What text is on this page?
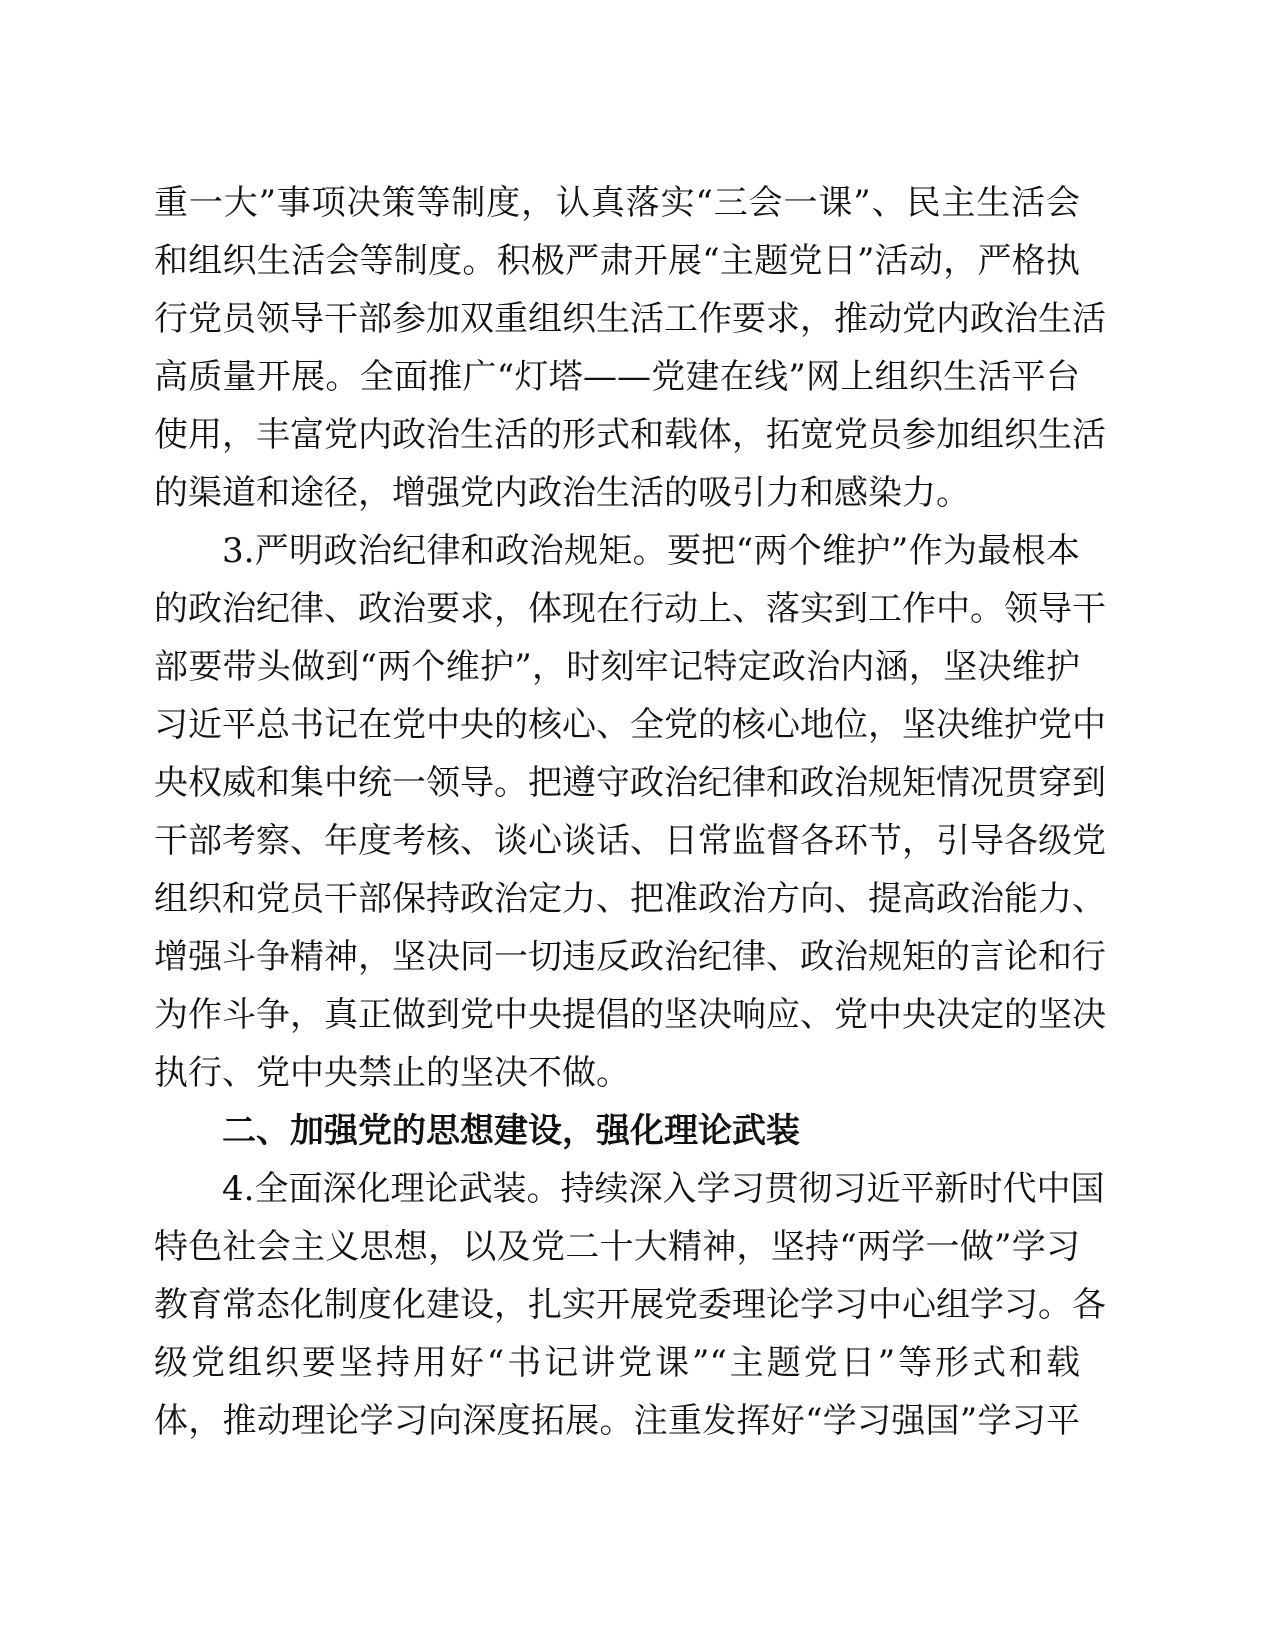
重一大”事项决策等制度，认真落实“三会一课”、民主生活会
和组织生活会等制度。积极严肃开展“主题党日”活动，严格执
行党员领导干部参加双重组织生活工作要求，推动党内政治生活
高质量开展。全面推广“灯塔——党建在线”网上组织生活平台
使用，丰富党内政治生活的形式和载体，拓宽党员参加组织生活
的渠道和途径，增强党内政治生活的吸引力和感染力。
3.严明政治纪律和政治规矩。要把“两个维护”作为最根本
的政治纪律、政治要求，体现在行动上、落实到工作中。领导干
部要带头做到“两个维护”，时刻牢记特定政治内涵，坚决维护
习近平总书记在党中央的核心、全党的核心地位，坚决维护党中
央权威和集中统一领导。把遵守政治纪律和政治规矩情况贯穿到
干部考察、年度考核、谈心谈话、日常监督各环节，引导各级党
组织和党员干部保持政治定力、把准政治方向、提高政治能力、
增强斗争精神，坚决同一切违反政治纪律、政治规矩的言论和行
为作斗争，真正做到党中央提倡的坚决响应、党中央决定的坚决
执行、党中央禁止的坚决不做。
二、加强党的思想建设，强化理论武装
4.全面深化理论武装。持续深入学习贯彻习近平新时代中国
特色社会主义思想，以及党二十大精神，坚持“两学一做”学习
教育常态化制度化建设，扎实开展党委理论学习中心组学习。各
级党组织要坚持用好“书记讲党课”“主题党日”等形式和载
体，推动理论学习向深度拓展。注重发挥好“学习强国”学习平
